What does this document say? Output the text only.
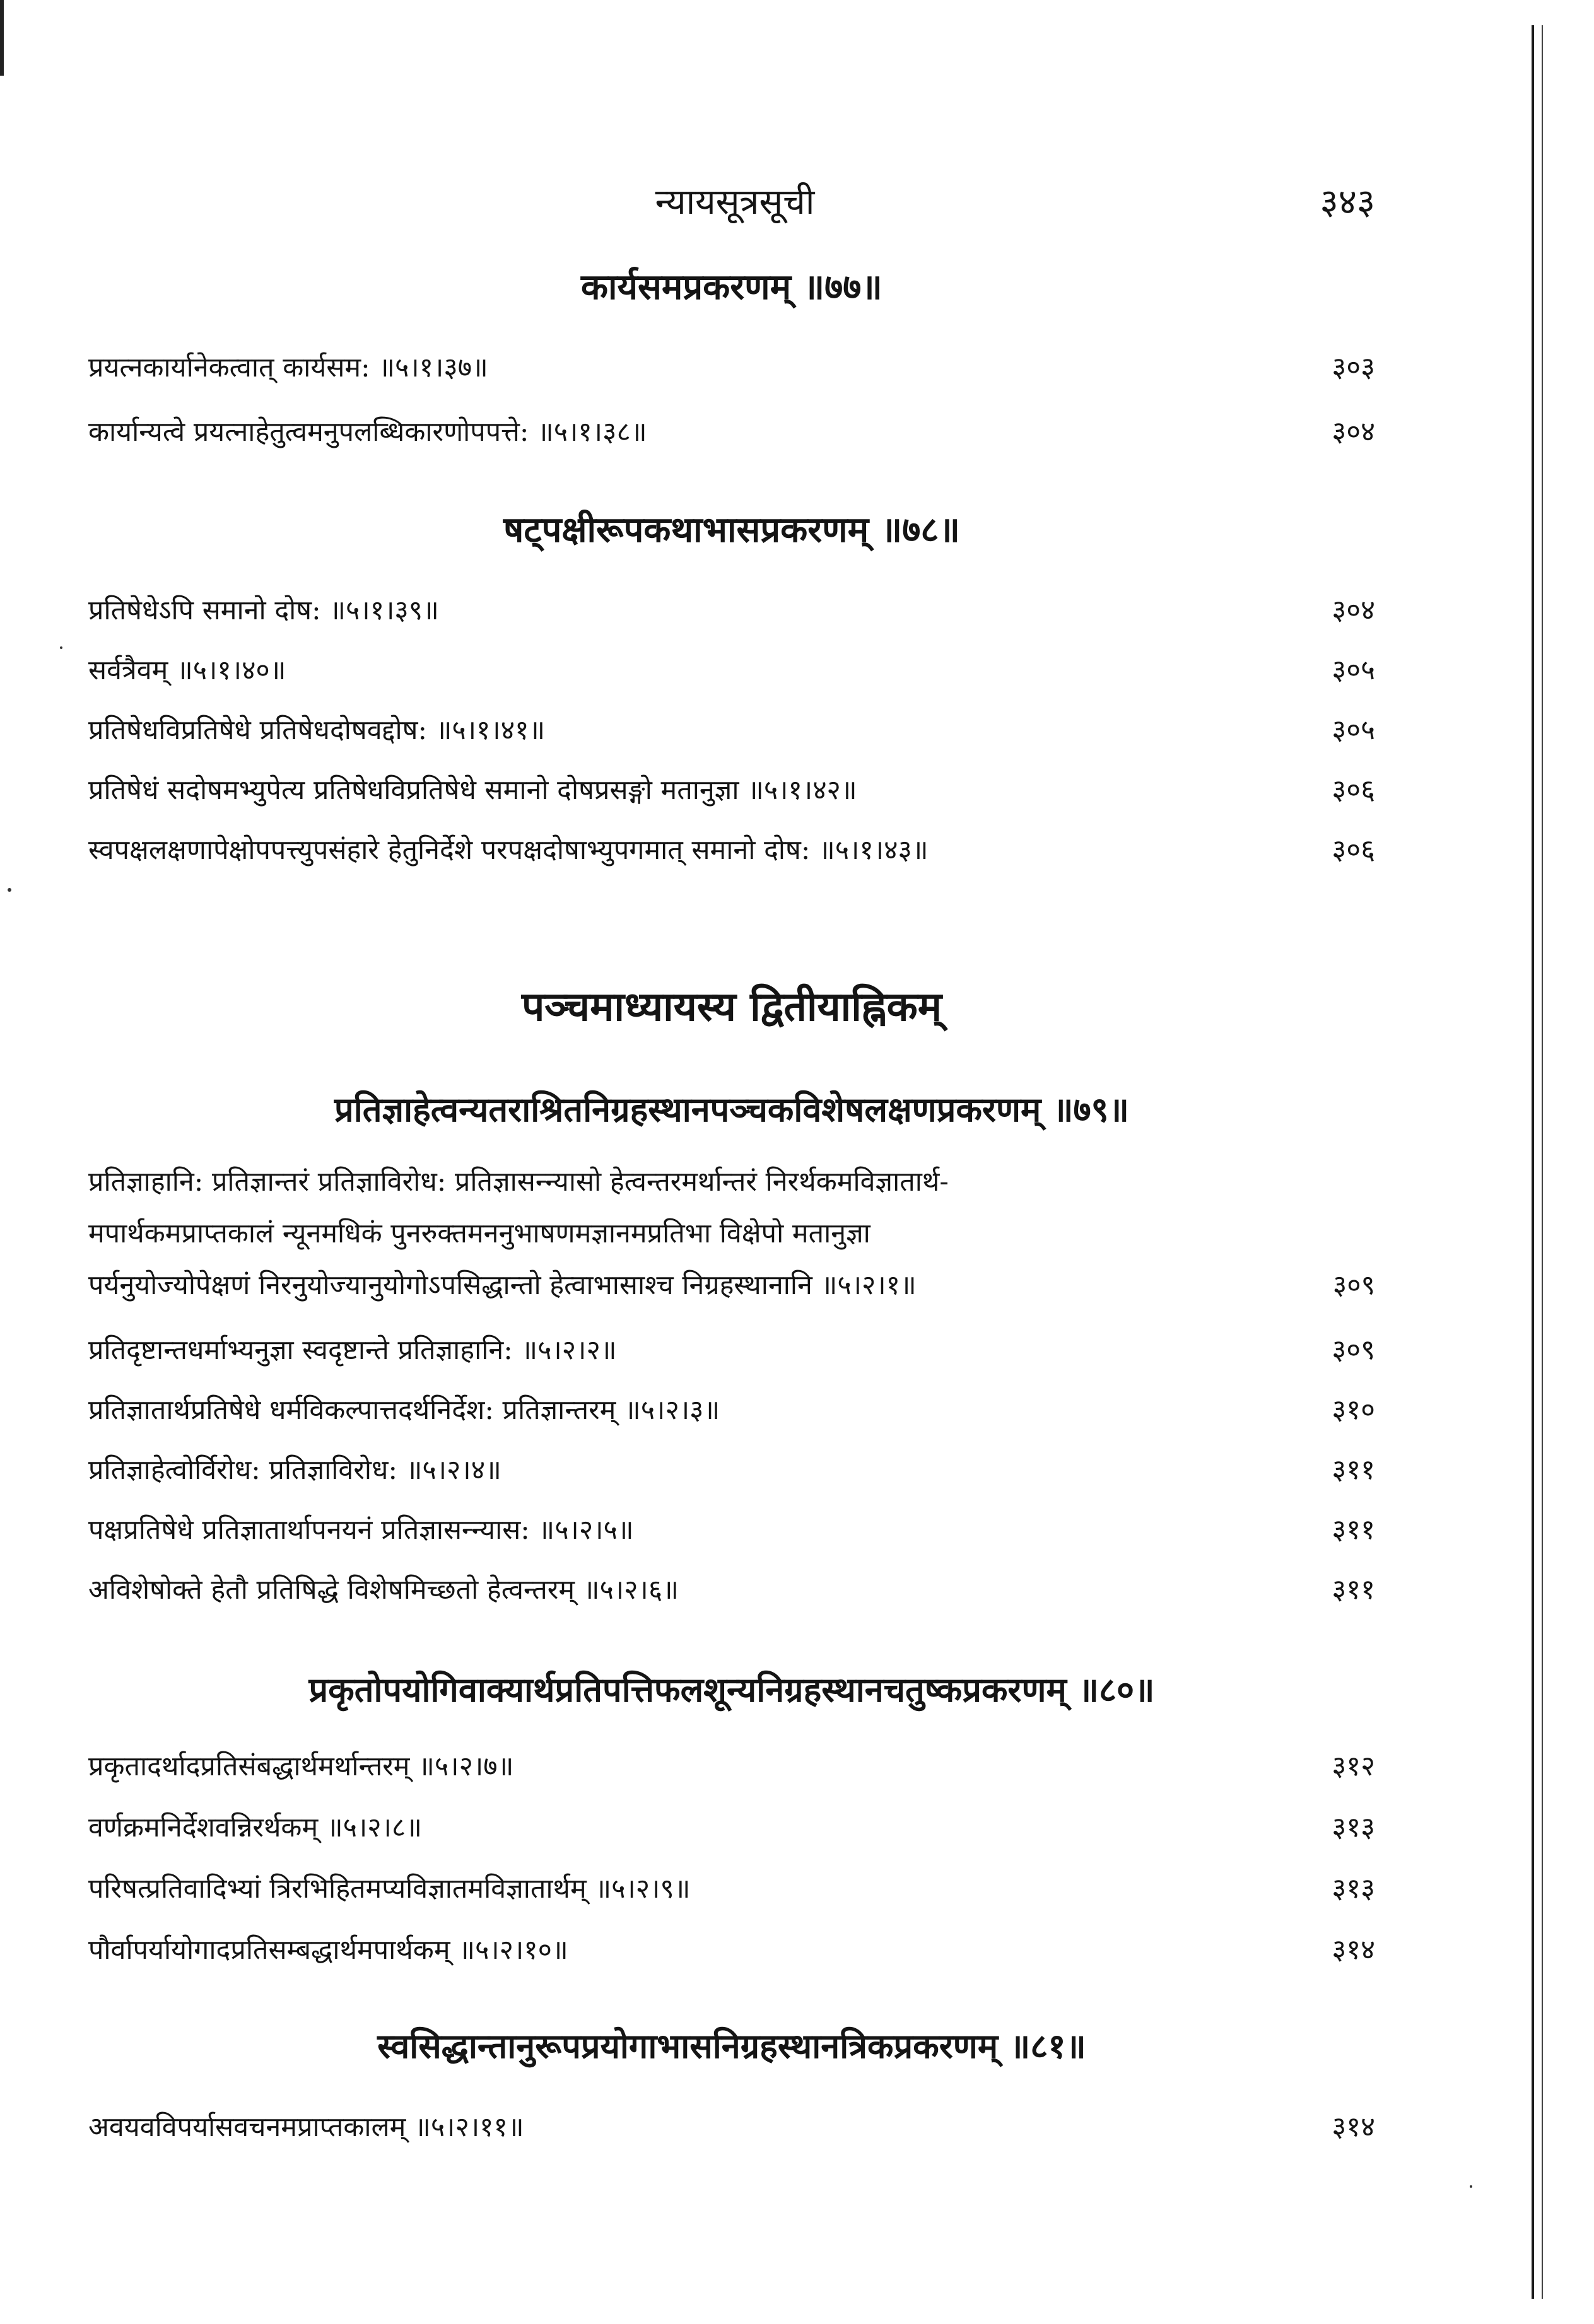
न्यायसूत्रसूची	३४३
कार्यसमप्रकरणम् ॥७७॥
प्रयत्नकार्यानेकत्वात् कार्यसम: ॥५।१।३७॥	३०३
कार्यान्यत्वे प्रयत्नाहेतुत्वमनुपलब्धिकारणोपपत्ते: ॥५।१।३८॥	३०४
षट्पक्षीरूपकथाभासप्रकरणम् ॥७८॥
प्रतिषेधेऽपि समानो दोष: ॥५।१।३९॥	३०४
सर्वत्रैवम् ॥५।१।४०॥	३०५
प्रतिषेधविप्रतिषेधे प्रतिषेधदोषवद्दोष: ॥५।१।४१॥	३०५
प्रतिषेधं सदोषमभ्युपेत्य प्रतिषेधविप्रतिषेधे समानो दोषप्रसङ्गो मतानुज्ञा ॥५।१।४२॥	३०६
स्वपक्षलक्षणापेक्षोपपत्त्युपसंहारे हेतुनिर्देशे परपक्षदोषाभ्युपगमात् समानो दोष: ॥५।१।४३॥	३०६
पञ्चमाध्यायस्य द्वितीयाह्निकम्
प्रतिज्ञाहेत्वन्यतराश्रितनिग्रहस्थानपञ्चकविशेषलक्षणप्रकरणम् ॥७९॥
प्रतिज्ञाहानि: प्रतिज्ञान्तरं प्रतिज्ञाविरोध: प्रतिज्ञासन्न्यासो हेत्वन्तरमर्थान्तरं निरर्थकमविज्ञातार्थ-
मपार्थकमप्राप्तकालं न्यूनमधिकं पुनरुक्तमननुभाषणमज्ञानमप्रतिभा विक्षेपो मतानुज्ञा
पर्यनुयोज्योपेक्षणं निरनुयोज्यानुयोगोऽपसिद्धान्तो हेत्वाभासाश्च निग्रहस्थानानि ॥५।२।१॥	३०९
प्रतिदृष्टान्तधर्माभ्यनुज्ञा स्वदृष्टान्ते प्रतिज्ञाहानि: ॥५।२।२॥	३०९
प्रतिज्ञातार्थप्रतिषेधे धर्मविकल्पात्तदर्थनिर्देश: प्रतिज्ञान्तरम् ॥५।२।३॥	३१०
प्रतिज्ञाहेत्वोर्विरोध: प्रतिज्ञाविरोध: ॥५।२।४॥	३११
पक्षप्रतिषेधे प्रतिज्ञातार्थापनयनं प्रतिज्ञासन्न्यास: ॥५।२।५॥	३११
अविशेषोक्ते हेतौ प्रतिषिद्धे विशेषमिच्छतो हेत्वन्तरम् ॥५।२।६॥	३११
प्रकृतोपयोगिवाक्यार्थप्रतिपत्तिफलशून्यनिग्रहस्थानचतुष्कप्रकरणम् ॥८०॥
प्रकृतादर्थादप्रतिसंबद्धार्थमर्थान्तरम् ॥५।२।७॥	३१२
वर्णक्रमनिर्देशवन्निरर्थकम् ॥५।२।८॥	३१३
परिषत्प्रतिवादिभ्यां त्रिरभिहितमप्यविज्ञातमविज्ञातार्थम् ॥५।२।९॥	३१३
पौर्वापर्यायोगादप्रतिसम्बद्धार्थमपार्थकम् ॥५।२।१०॥	३१४
स्वसिद्धान्तानुरूपप्रयोगाभासनिग्रहस्थानत्रिकप्रकरणम् ॥८१॥
अवयवविपर्यासवचनमप्राप्तकालम् ॥५।२।११॥	३१४
